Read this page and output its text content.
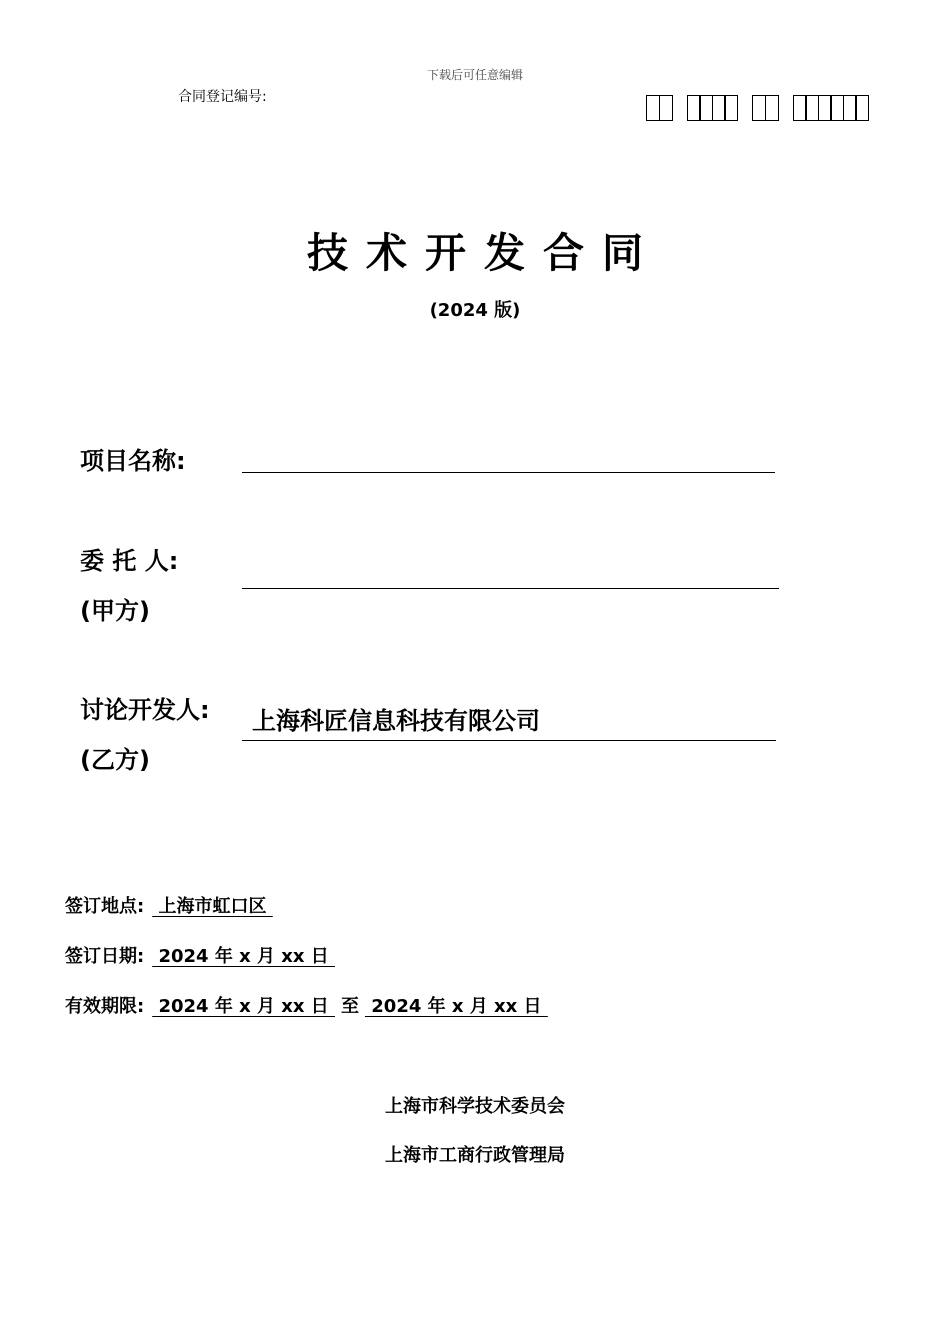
下载后可任意编辑
合同登记编号:
技术开发合同
(2024 版)
项目名称:
委 托 人:
(甲方)
讨论开发人:
(乙方)
上海科匠信息科技有限公司
签订地点: 上海市虹口区
签订日期: 2024 年 x 月 xx 日
有效期限: 2024 年 x 月 xx 日 至 2024 年 x 月 xx 日
上海市科学技术委员会
上海市工商行政管理局
